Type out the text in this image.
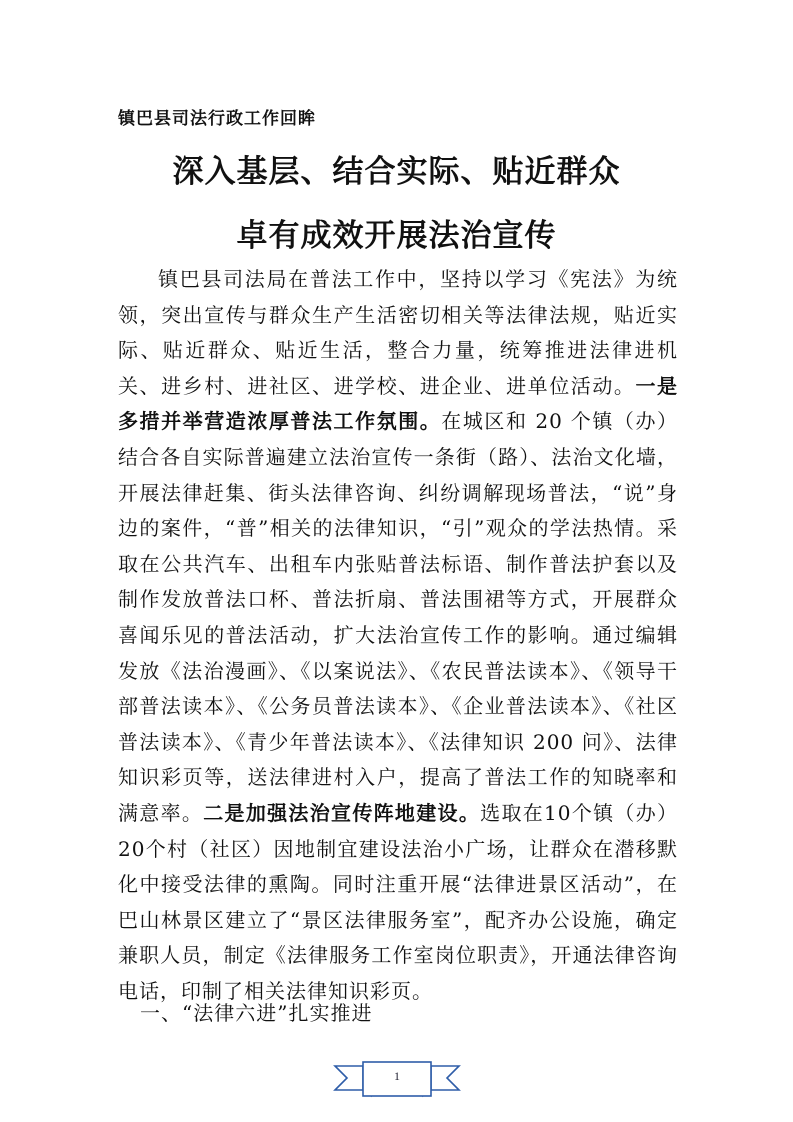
镇巴县司法行政工作回眸
深入基层、结合实际、贴近群众
卓有成效开展法治宣传

镇巴县司法局在普法工作中，坚持以学习《宪法》为统领，突出宣传与群众生产生活密切相关等法律法规，贴近实际、贴近群众、贴近生活，整合力量，统筹推进法律进机关、进乡村、进社区、进学校、进企业、进单位活动。一是多措并举营造浓厚普法工作氛围。在城区和 20 个镇（办）结合各自实际普遍建立法治宣传一条街（路）、法治文化墙，开展法律赶集、街头法律咨询、纠纷调解现场普法，“说”身边的案件，“普”相关的法律知识，“引”观众的学法热情。采取在公共汽车、出租车内张贴普法标语、制作普法护套以及制作发放普法口杯、普法折扇、普法围裙等方式，开展群众喜闻乐见的普法活动，扩大法治宣传工作的影响。通过编辑发放《法治漫画》、《以案说法》、《农民普法读本》、《领导干部普法读本》、《公务员普法读本》、《企业普法读本》、《社区普法读本》、《青少年普法读本》、《法律知识 200 问》、法律知识彩页等，送法律进村入户，提高了普法工作的知晓率和满意率。二是加强法治宣传阵地建设。选取在10个镇（办）20个村（社区）因地制宜建设法治小广场，让群众在潜移默化中接受法律的熏陶。同时注重开展“法律进景区活动”，在巴山林景区建立了“景区法律服务室”，配齐办公设施，确定兼职人员，制定《法律服务工作室岗位职责》，开通法律咨询电话，印制了相关法律知识彩页。

一、“法律六进”扎实推进
1
